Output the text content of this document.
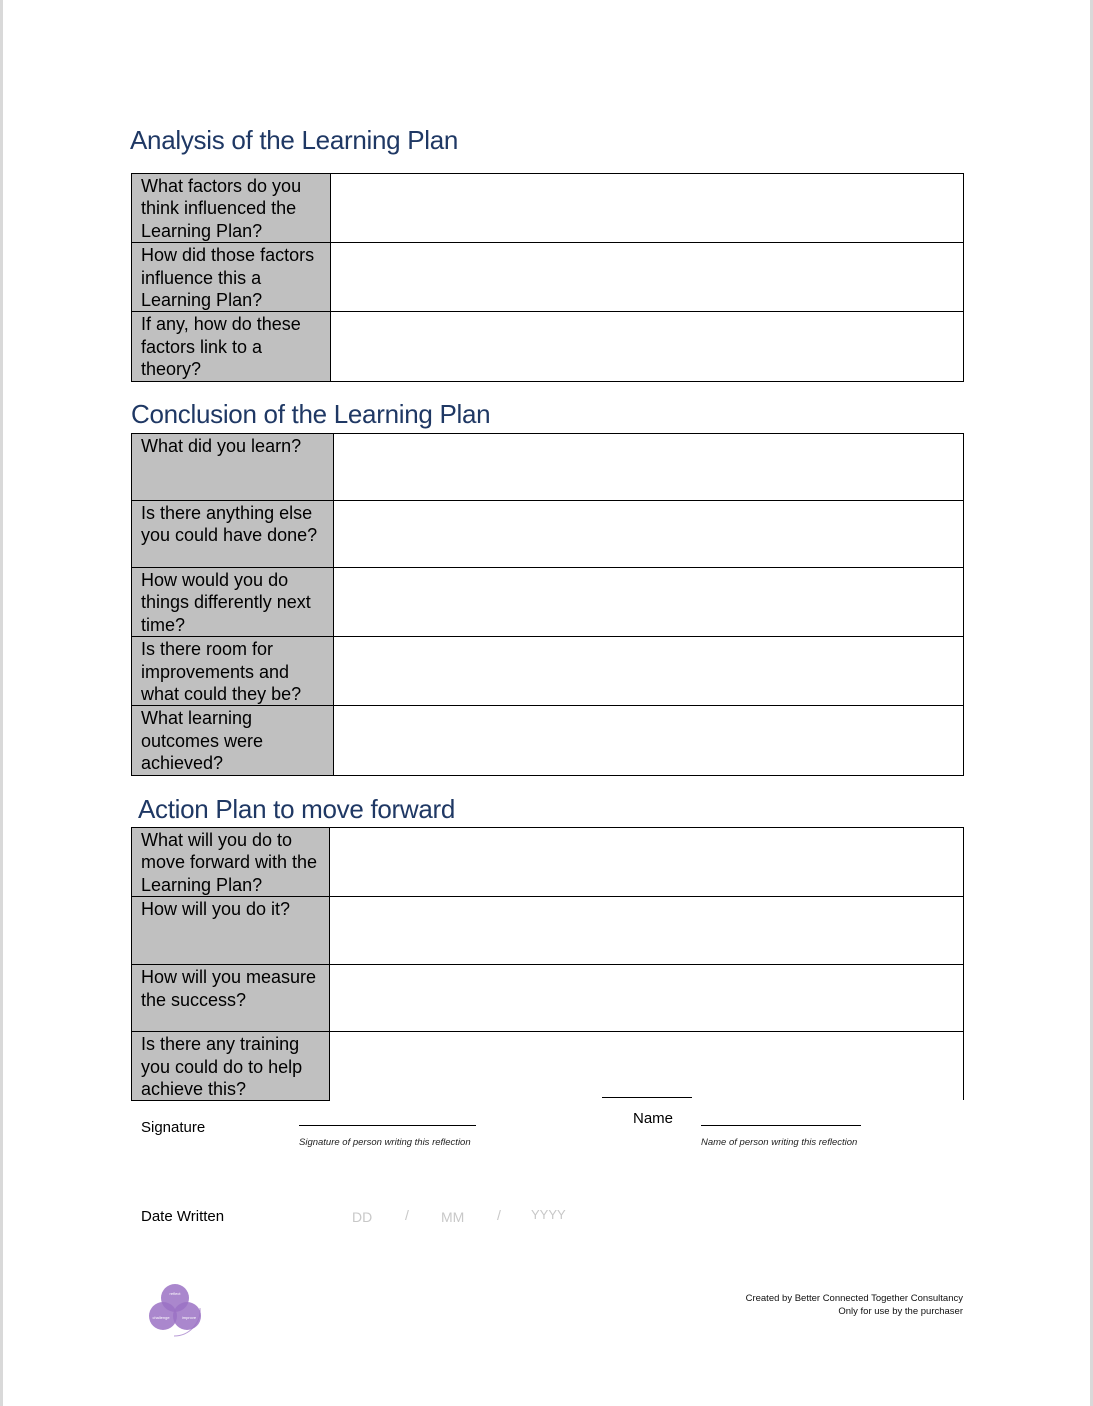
Analysis of the Learning Plan
What factors do you think influenced the Learning Plan?	
How did those factors influence this a Learning Plan?	
If any, how do these factors link to a theory?	
Conclusion of the Learning Plan
What did you learn?	
Is there anything else you could have done?	
How would you do things differently next time?	
Is there room for improvements and what could they be?	
What learning outcomes were achieved?	
Action Plan to move forward
What will you do to move forward with the Learning Plan?	
How will you do it?	
How will you measure the success?	
Is there any training you could do to help achieve this?	
Signature
Signature of person writing this reflection
Name
Name of person writing this reflection
Date Written	DD / MM / YYYY
reflect
challenge	improve
Created by Better Connected Together Consultancy
Only for use by the purchaser
